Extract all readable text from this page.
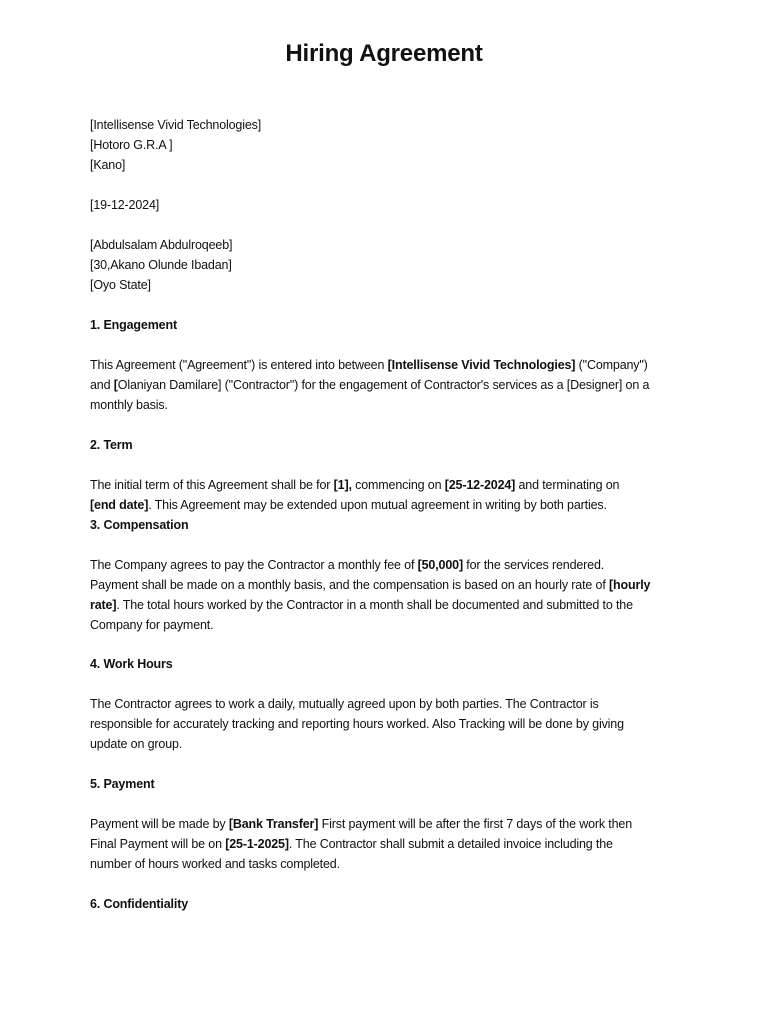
Hiring Agreement
[Intellisense Vivid Technologies]
[Hotoro G.R.A ]
[Kano]
[19-12-2024]
[Abdulsalam Abdulroqeeb]
[30,Akano Olunde Ibadan]
[Oyo State]

1. Engagement

This Agreement ("Agreement") is entered into between [Intellisense Vivid Technologies] ("Company")
and [Olaniyan Damilare] ("Contractor") for the engagement of Contractor's services as a [Designer] on a
monthly basis.

2. Term

The initial term of this Agreement shall be for [1], commencing on [25-12-2024] and terminating on
[end date]. This Agreement may be extended upon mutual agreement in writing by both parties.

3. Compensation

The Company agrees to pay the Contractor a monthly fee of [50,000] for the services rendered.
Payment shall be made on a monthly basis, and the compensation is based on an hourly rate of [hourly
rate]. The total hours worked by the Contractor in a month shall be documented and submitted to the
Company for payment.

4. Work Hours

The Contractor agrees to work a daily, mutually agreed upon by both parties. The Contractor is
responsible for accurately tracking and reporting hours worked. Also Tracking will be done by giving
update on group.

5. Payment

Payment will be made by [Bank Transfer] First payment will be after the first 7 days of the work then
Final Payment will be on [25-1-2025]. The Contractor shall submit a detailed invoice including the
number of hours worked and tasks completed.

6. Confidentiality
